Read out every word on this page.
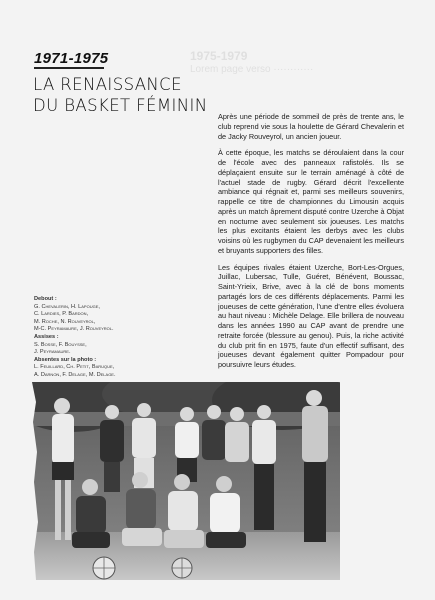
1975-1979
Lorem page verso ············
1971-1975
LA RENAISSANCE
DU BASKET FÉMININ

Après une période de sommeil de près de trente ans, le club reprend vie sous la houlette de Gérard Chevalerin et de Jacky Rouveyrol, un ancien joueur.

À cette époque, les matchs se déroulaient dans la cour de l'école avec des panneaux rafistolés. Ils se déplaçaient ensuite sur le terrain aménagé à côté de l'actuel stade de rugby. Gérard décrit l'excellente ambiance qui régnait et, parmi ses meilleurs souvenirs, rappelle ce titre de championnes du Limousin acquis après un match âprement disputé contre Uzerche à Objat en nocturne avec seulement six joueuses. Les matchs les plus excitants étaient les derbys avec les clubs voisins où les rugbymen du CAP devenaient les meilleurs et bruyants supporters des filles.

Les équipes rivales étaient Uzerche, Bort-Les-Orgues, Juillac, Lubersac, Tulle, Guéret, Bénévent, Boussac, Saint-Yrieix, Brive, avec à la clé de bons moments partagés lors de ces différents déplacements. Parmi les joueuses de cette génération, l'une d'entre elles évoluera au haut niveau : Michèle Delage. Elle brillera de nouveau dans les années 1990 au CAP avant de prendre une retraite forcée (blessure au genou). Puis, la riche activité du club prit fin en 1975, faute d'un effectif suffisant, des joueuses devant également quitter Pompadour pour poursuivre leurs études.

Debout :
G. Chevalerin, H. Lapouge,
C. Lardies, P. Bardon,
M. Roche, N. Rouveyrol,
M-C. Peyramaure, J. Rouveyrol.
Assises :
S. Bosse, F. Bouysse,
J. Peyramaure.
Absentes sur la photo :
L. Feuillard, Ch. Petit, Baruque,
A. Darnon, F. Delage, M. Delage.
